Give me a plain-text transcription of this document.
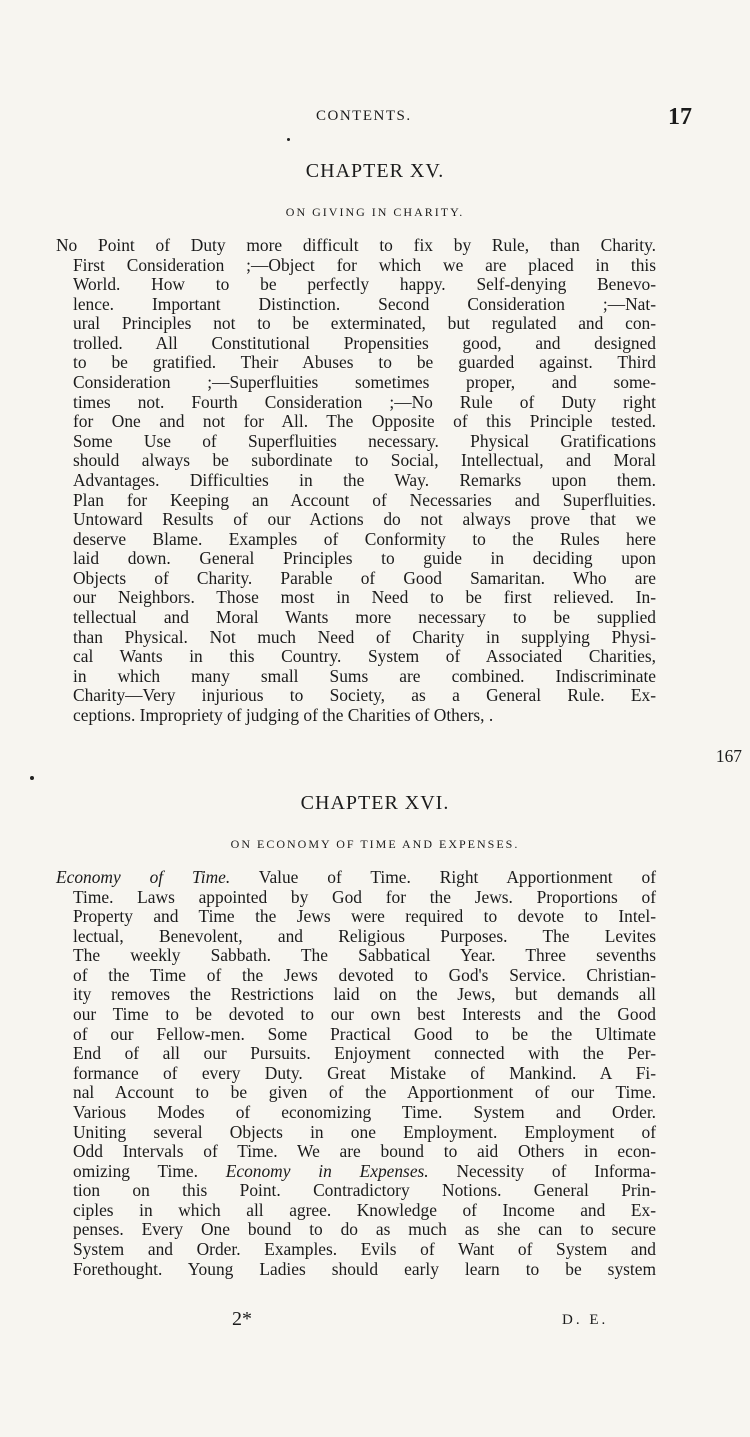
CONTENTS.	17
CHAPTER XV.
ON GIVING IN CHARITY.
No Point of Duty more difficult to fix by Rule, than Charity.
First Consideration ;—Object for which we are placed in this
World. How to be perfectly happy. Self-denying Benevo-
lence. Important Distinction. Second Consideration ;—Nat-
ural Principles not to be exterminated, but regulated and con-
trolled. All Constitutional Propensities good, and designed
to be gratified. Their Abuses to be guarded against. Third
Consideration ;—Superfluities sometimes proper, and some-
times not. Fourth Consideration ;—No Rule of Duty right
for One and not for All. The Opposite of this Principle tested.
Some Use of Superfluities necessary. Physical Gratifications
should always be subordinate to Social, Intellectual, and Moral
Advantages. Difficulties in the Way. Remarks upon them.
Plan for Keeping an Account of Necessaries and Superfluities.
Untoward Results of our Actions do not always prove that we
deserve Blame. Examples of Conformity to the Rules here
laid down. General Principles to guide in deciding upon
Objects of Charity. Parable of Good Samaritan. Who are
our Neighbors. Those most in Need to be first relieved. In-
tellectual and Moral Wants more necessary to be supplied
than Physical. Not much Need of Charity in supplying Physi-
cal Wants in this Country. System of Associated Charities,
in which many small Sums are combined. Indiscriminate
Charity—Very injurious to Society, as a General Rule. Ex-
ceptions. Impropriety of judging of the Charities of Others, .
167
CHAPTER XVI.
ON ECONOMY OF TIME AND EXPENSES.
Economy of Time. Value of Time. Right Apportionment of
Time. Laws appointed by God for the Jews. Proportions of
Property and Time the Jews were required to devote to Intel-
lectual, Benevolent, and Religious Purposes. The Levites
The weekly Sabbath. The Sabbatical Year. Three sevenths
of the Time of the Jews devoted to God's Service. Christian-
ity removes the Restrictions laid on the Jews, but demands all
our Time to be devoted to our own best Interests and the Good
of our Fellow-men. Some Practical Good to be the Ultimate
End of all our Pursuits. Enjoyment connected with the Per-
formance of every Duty. Great Mistake of Mankind. A Fi-
nal Account to be given of the Apportionment of our Time.
Various Modes of economizing Time. System and Order.
Uniting several Objects in one Employment. Employment of
Odd Intervals of Time. We are bound to aid Others in econ-
omizing Time. Economy in Expenses. Necessity of Informa-
tion on this Point. Contradictory Notions. General Prin-
ciples in which all agree. Knowledge of Income and Ex-
penses. Every One bound to do as much as she can to secure
System and Order. Examples. Evils of Want of System and
Forethought. Young Ladies should early learn to be system
2*	D. E.
